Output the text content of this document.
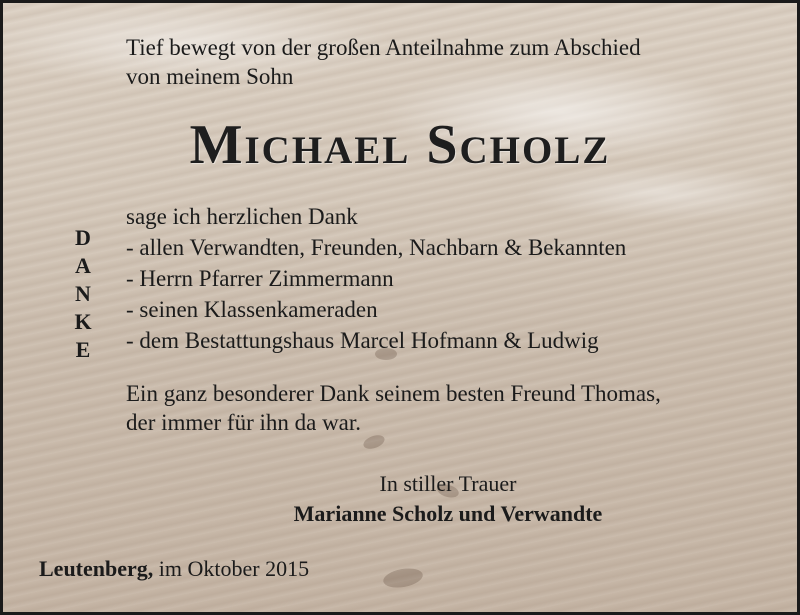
Tief bewegt von der großen Anteilnahme zum Abschied
von meinem Sohn
Michael Scholz
D
A
N
K
E
sage ich herzlichen Dank
- allen Verwandten, Freunden, Nachbarn & Bekannten
- Herrn Pfarrer Zimmermann
- seinen Klassenkameraden
- dem Bestattungshaus Marcel Hofmann & Ludwig
Ein ganz besonderer Dank seinem besten Freund Thomas,
der immer für ihn da war.
In stiller Trauer
Marianne Scholz und Verwandte
Leutenberg, im Oktober 2015
